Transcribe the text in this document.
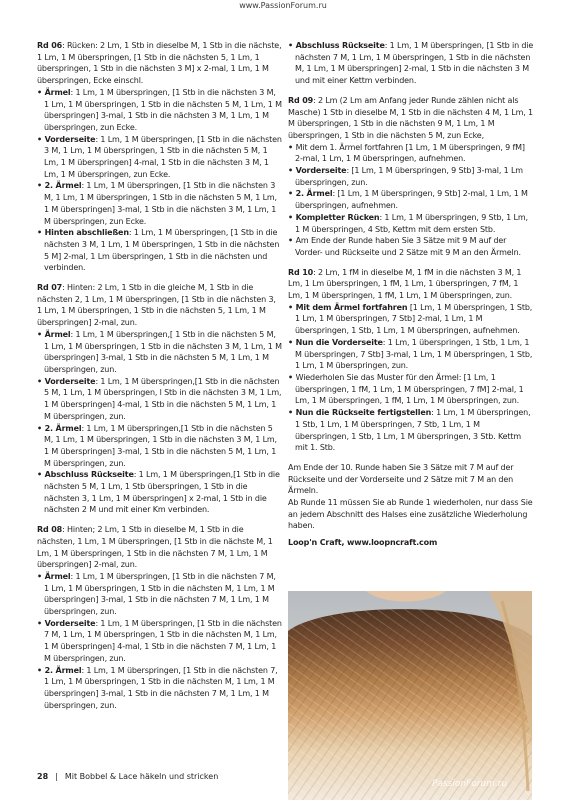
www.PassionForum.ru

Rd 06: Rücken: 2 Lm, 1 Stb in dieselbe M, 1 Stb in die nächste, 1 Lm, 1 M überspringen, [1 Stb in die nächsten 5, 1 Lm, 1 überspringen, 1 Stb in die nächsten 3 M] x 2-mal, 1 Lm, 1 M überspringen, Ecke einschl.

• Ärmel: 1 Lm, 1 M überspringen, [1 Stb in die nächsten 3 M, 1 Lm, 1 M überspringen, 1 Stb in die nächsten 5 M, 1 Lm, 1 M überspringen] 3-mal, 1 Stb in die nächsten 3 M, 1 Lm, 1 M überspringen, zun Ecke.

• Vorderseite: 1 Lm, 1 M überspringen, [1 Stb in die nächsten 3 M, 1 Lm, 1 M überspringen, 1 Stb in die nächsten 5 M, 1 Lm, 1 M überspringen] 4-mal, 1 Stb in die nächsten 3 M, 1 Lm, 1 M überspringen, zun Ecke.

• 2. Ärmel: 1 Lm, 1 M überspringen, [1 Stb in die nächsten 3 M, 1 Lm, 1 M überspringen, 1 Stb in die nächsten 5 M, 1 Lm, 1 M überspringen] 3-mal, 1 Stb in die nächsten 3 M, 1 Lm, 1 M überspringen, zun Ecke.

• Hinten abschließen: 1 Lm, 1 M überspringen, [1 Stb in die nächsten 3 M, 1 Lm, 1 M überspringen, 1 Stb in die nächsten 5 M] 2-mal, 1 Lm überspringen, 1 Stb in die nächsten und verbinden.

Rd 07: Hinten: 2 Lm, 1 Stb in die gleiche M, 1 Stb in die nächsten 2, 1 Lm, 1 M überspringen, [1 Stb in die nächsten 3, 1 Lm, 1 M überspringen, 1 Stb in die nächsten 5, 1 Lm, 1 M überspringen] 2-mal, zun.

• Ärmel: 1 Lm, 1 M überspringen,[ 1 Stb in die nächsten 5 M, 1 Lm, 1 M überspringen, 1 Stb in die nächsten 3 M, 1 Lm, 1 M überspringen] 3-mal, 1 Stb in die nächsten 5 M, 1 Lm, 1 M überspringen, zun.

• Vorderseite: 1 Lm, 1 M überspringen,[1 Stb in die nächsten 5 M, 1 Lm, 1 M überspringen, l Stb in die nächsten 3 M, 1 Lm, 1 M überspringen] 4-mal, 1 Stb in die nächsten 5 M, 1 Lm, 1 M überspringen, zun.

• 2. Ärmel: 1 Lm, 1 M überspringen,[1 Stb in die nächsten 5 M, 1 Lm, 1 M überspringen, 1 Stb in die nächsten 3 M, 1 Lm, 1 M überspringen] 3-mal, 1 Stb in die nächsten 5 M, 1 Lm, 1 M überspringen, zun.

• Abschluss Rückseite: 1 Lm, 1 M überspringen,[1 Stb in die nächsten 5 M, 1 Lm, 1 Stb überspringen, 1 Stb in die nächsten 3, 1 Lm, 1 M überspringen] x 2-mal, 1 Stb in die nächsten 2 M und mit einer Km verbinden.

Rd 08: Hinten; 2 Lm, 1 Stb in dieselbe M, 1 Stb in die nächsten, 1 Lm, 1 M überspringen, [1 Stb in die nächste M, 1 Lm, 1 M überspringen, 1 Stb in die nächsten 7 M, 1 Lm, 1 M überspringen] 2-mal, zun.

• Ärmel: 1 Lm, 1 M überspringen, [1 Stb in die nächsten 7 M, 1 Lm, 1 M überspringen, 1 Stb in die nächsten M, 1 Lm, 1 M überspringen] 3-mal, 1 Stb in die nächsten 7 M, 1 Lm, 1 M überspringen, zun.

• Vorderseite: 1 Lm, 1 M überspringen, [1 Stb in die nächsten 7 M, 1 Lm, 1 M überspringen, 1 Stb in die nächsten M, 1 Lm, 1 M überspringen] 4-mal, 1 Stb in die nächsten 7 M, 1 Lm, 1 M überspringen, zun.

• 2. Ärmel: 1 Lm, 1 M überspringen, [1 Stb in die nächsten 7, 1 Lm, 1 M überspringen, 1 Stb in die nächsten M, 1 Lm, 1 M überspringen] 3-mal, 1 Stb in die nächsten 7 M, 1 Lm, 1 M überspringen, zun.

• Abschluss Rückseite: 1 Lm, 1 M überspringen, [1 Stb in die nächsten 7 M, 1 Lm, 1 M überspringen, 1 Stb in die nächsten M, 1 Lm, 1 M überspringen] 2-mal, 1 Stb in die nächsten 3 M und mit einer Kettm verbinden.

Rd 09: 2 Lm (2 Lm am Anfang jeder Runde zählen nicht als Masche) 1 Stb in dieselbe M, 1 Stb in die nächsten 4 M, 1 Lm, 1 M überspringen, 1 Stb in die nächsten 9 M, 1 Lm, 1 M überspringen, 1 Stb in die nächsten 5 M, zun Ecke,

• Mit dem 1. Ärmel fortfahren [1 Lm, 1 M überspringen, 9 fM] 2-mal, 1 Lm, 1 M überspringen, aufnehmen.

• Vorderseite: [1 Lm, 1 M überspringen, 9 Stb] 3-mal, 1 Lm überspringen, zun.

• 2. Ärmel: [1 Lm, 1 M überspringen, 9 Stb] 2-mal, 1 Lm, 1 M überspringen, aufnehmen.

• Kompletter Rücken: 1 Lm, 1 M überspringen, 9 Stb, 1 Lm, 1 M überspringen, 4 Stb, Kettm mit dem ersten Stb.

• Am Ende der Runde haben Sie 3 Sätze mit 9 M auf der Vorder- und Rückseite und 2 Sätze mit 9 M an den Ärmeln.

Rd 10: 2 Lm, 1 fM in dieselbe M, 1 fM in die nächsten 3 M, 1 Lm, 1 Lm überspringen, 1 fM, 1 Lm, 1 überspringen, 7 fM, 1 Lm, 1 M überspringen, 1 fM, 1 Lm, 1 M überspringen, zun.

• Mit dem Ärmel fortfahren [1 Lm, 1 M überspringen, 1 Stb, 1 Lm, 1 M überspringen, 7 Stb] 2-mal, 1 Lm, 1 M überspringen, 1 Stb, 1 Lm, 1 M überspringen, aufnehmen.

• Nun die Vorderseite: 1 Lm, 1 überspringen, 1 Stb, 1 Lm, 1 M überspringen, 7 Stb] 3-mal, 1 Lm, 1 M überspringen, 1 Stb, 1 Lm, 1 M überspringen, zun.

• Wiederholen Sie das Muster für den Ärmel: [1 Lm, 1 überspringen, 1 fM, 1 Lm, 1 M überspringen, 7 fM] 2-mal, 1 Lm, 1 M überspringen, 1 fM, 1 Lm, 1 M überspringen, zun.

• Nun die Rückseite fertigstellen: 1 Lm, 1 M überspringen, 1 Stb, 1 Lm, 1 M überspringen, 7 Stb, 1 Lm, 1 M überspringen, 1 Stb, 1 Lm, 1 M überspringen, 3 Stb. Kettm mit 1. Stb.

Am Ende der 10. Runde haben Sie 3 Sätze mit 7 M auf der Rückseite und der Vorderseite und 2 Sätze mit 7 M an den Ärmeln.

Ab Runde 11 müssen Sie ab Runde 1 wiederholen, nur dass Sie an jedem Abschnitt des Halses eine zusätzliche Wiederholung haben.

Loop'n Craft, www.loopncraft.com

28 | Mit Bobbel & Lace häkeln und stricken
PassionForum.ru
